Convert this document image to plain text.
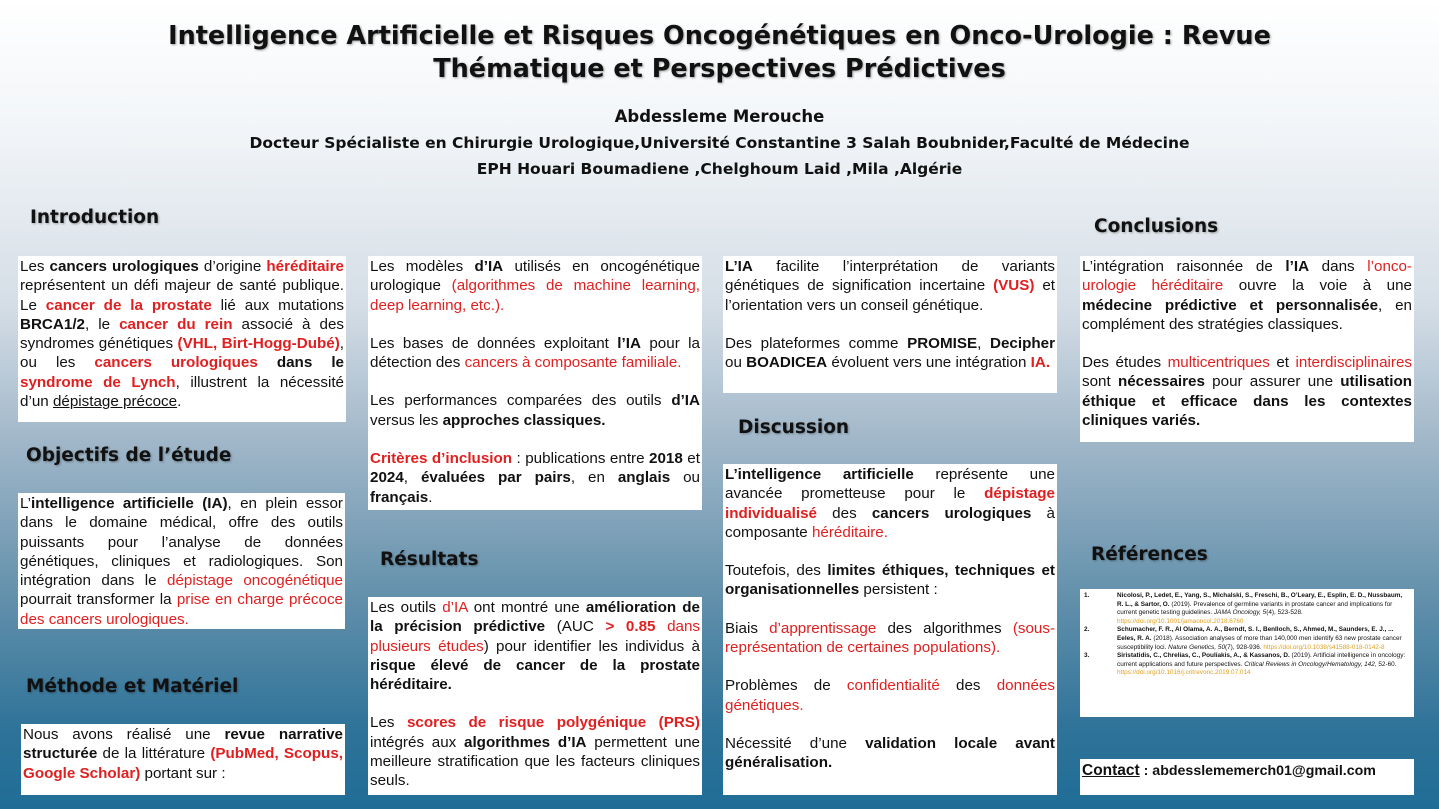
Intelligence Artificielle et Risques Oncogénétiques en Onco-Urologie : Revue
Thématique et Perspectives Prédictives
Abdessleme Merouche
Docteur Spécialiste en Chirurgie Urologique,Université Constantine 3 Salah Boubnider,Faculté de Médecine
EPH Houari Boumadiene ,Chelghoum Laid ,Mila ,Algérie
Introduction
Objectifs de l’étude
Méthode et Matériel
Résultats
Discussion
Conclusions
Références

Les cancers urologiques d’origine héréditaire représentent un défi majeur de santé publique. Le cancer de la prostate lié aux mutations BRCA1/2, le cancer du rein associé à des syndromes génétiques (VHL, Birt-Hogg-Dubé), ou les cancers urologiques dans le syndrome de Lynch, illustrent la nécessité d’un dépistage précoce.

L’intelligence artificielle (IA), en plein essor dans le domaine médical, offre des outils puissants pour l’analyse de données génétiques, cliniques et radiologiques. Son intégration dans le dépistage oncogénétique pourrait transformer la prise en charge précoce des cancers urologiques.

Nous avons réalisé une revue narrative structurée de la littérature (PubMed, Scopus, Google Scholar) portant sur :

Les modèles d’IA utilisés en oncogénétique urologique (algorithmes de machine learning, deep learning, etc.).

Les bases de données exploitant l’IA pour la détection des cancers à composante familiale.

Les performances comparées des outils d’IA versus les approches classiques.

Critères d’inclusion : publications entre 2018 et 2024, évaluées par pairs, en anglais ou français.

Les outils d’IA ont montré une amélioration de la précision prédictive (AUC > 0.85 dans plusieurs études) pour identifier les individus à risque élevé de cancer de la prostate héréditaire.

Les scores de risque polygénique (PRS) intégrés aux algorithmes d’IA permettent une meilleure stratification que les facteurs cliniques seuls.

L’IA facilite l’interprétation de variants génétiques de signification incertaine (VUS) et l’orientation vers un conseil génétique.

Des plateformes comme PROMISE, Decipher ou BOADICEA évoluent vers une intégration IA.

L’intelligence artificielle représente une avancée prometteuse pour le dépistage individualisé des cancers urologiques à composante héréditaire.

Toutefois, des limites éthiques, techniques et organisationnelles persistent :

Biais d’apprentissage des algorithmes (sous-représentation de certaines populations).

Problèmes de confidentialité des données génétiques.

Nécessité d’une validation locale avant généralisation.

L’intégration raisonnée de l’IA dans l’onco-urologie héréditaire ouvre la voie à une médecine prédictive et personnalisée, en complément des stratégies classiques.

Des études multicentriques et interdisciplinaires sont nécessaires pour assurer une utilisation éthique et efficace dans les contextes cliniques variés.

1.	Nicolosi, P., Ledet, E., Yang, S., Michalski, S., Freschi, B., O’Leary, E., Esplin, E. D., Nussbaum, R. L., & Sartor, O. (2019). Prevalence of germline variants in prostate cancer and implications for current genetic testing guidelines. JAMA Oncology, 5(4), 523-528. https://doi.org/10.1001/jamaoncol.2018.6760
2.	Schumacher, F. R., Al Olama, A. A., Berndt, S. I., Benlloch, S., Ahmed, M., Saunders, E. J., ... Eeles, R. A. (2018). Association analyses of more than 140,000 men identify 63 new prostate cancer susceptibility loci. Nature Genetics, 50(7), 928-936. https://doi.org/10.1038/s41588-018-0142-8
3.	Siristatidis, C., Chrelias, C., Pouliakis, A., & Kassanos, D. (2019). Artificial intelligence in oncology: current applications and future perspectives. Critical Reviews in Oncology/Hematology, 142, 52-60. https://doi.org/10.1016/j.critrevonc.2019.07.014
Contact : abdesslememerch01@gmail.com
